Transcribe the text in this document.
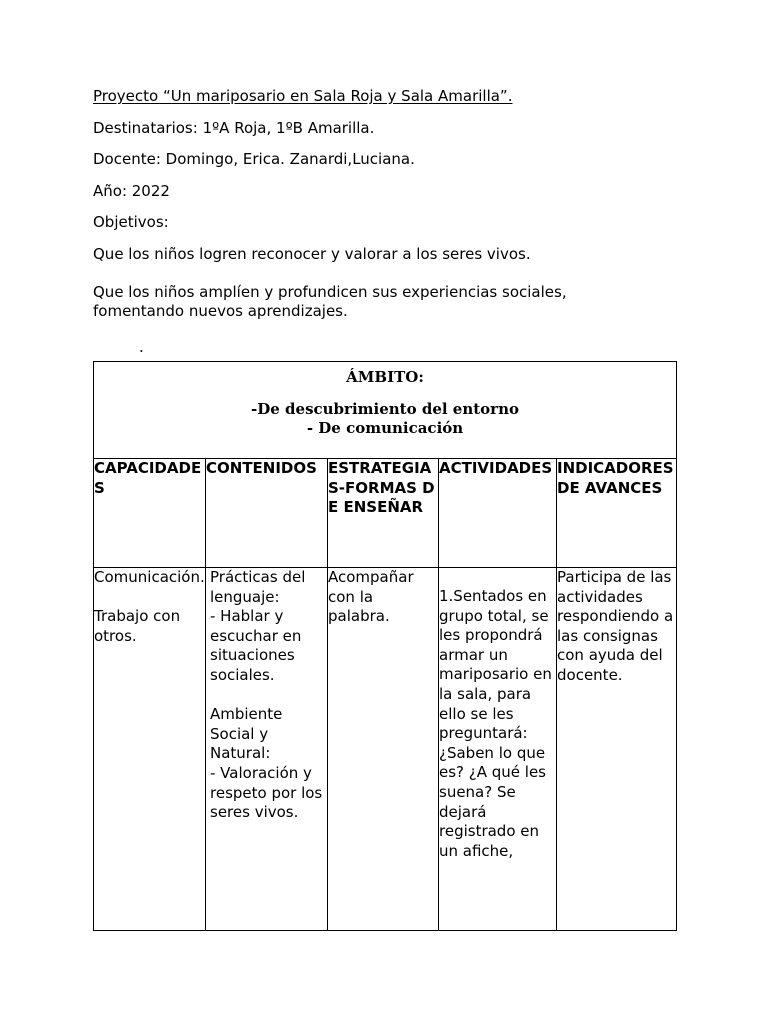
Proyecto “Un mariposario en Sala Roja y Sala Amarilla”.
Destinatarios: 1ºA Roja, 1ºB Amarilla.
Docente: Domingo, Erica. Zanardi,Luciana.
Año: 2022
Objetivos:
Que los niños logren reconocer y valorar a los seres vivos.
Que los niños amplíen y profundicen sus experiencias sociales, fomentando nuevos aprendizajes.
.
ÁMBITO:
-De descubrimiento del entorno
- De comunicación				

CAPACIDADES	CONTENIDOS	ESTRATEGIAS-FORMAS DE ENSEÑAR	ACTIVIDADES	INDICADORES DE AVANCES

Comunicación.

Trabajo con otros.	Prácticas del lenguaje:
- Hablar y escuchar en situaciones sociales.

Ambiente Social y Natural:
- Valoración y respeto por los seres vivos.	Acompañar con la palabra.	1.Sentados en grupo total, se les propondrá armar un mariposario en la sala, para ello se les preguntará: ¿Saben lo que es? ¿A qué les suena? Se dejará registrado en un afiche,	Participa de las actividades respondiendo a las consignas con ayuda del docente.
